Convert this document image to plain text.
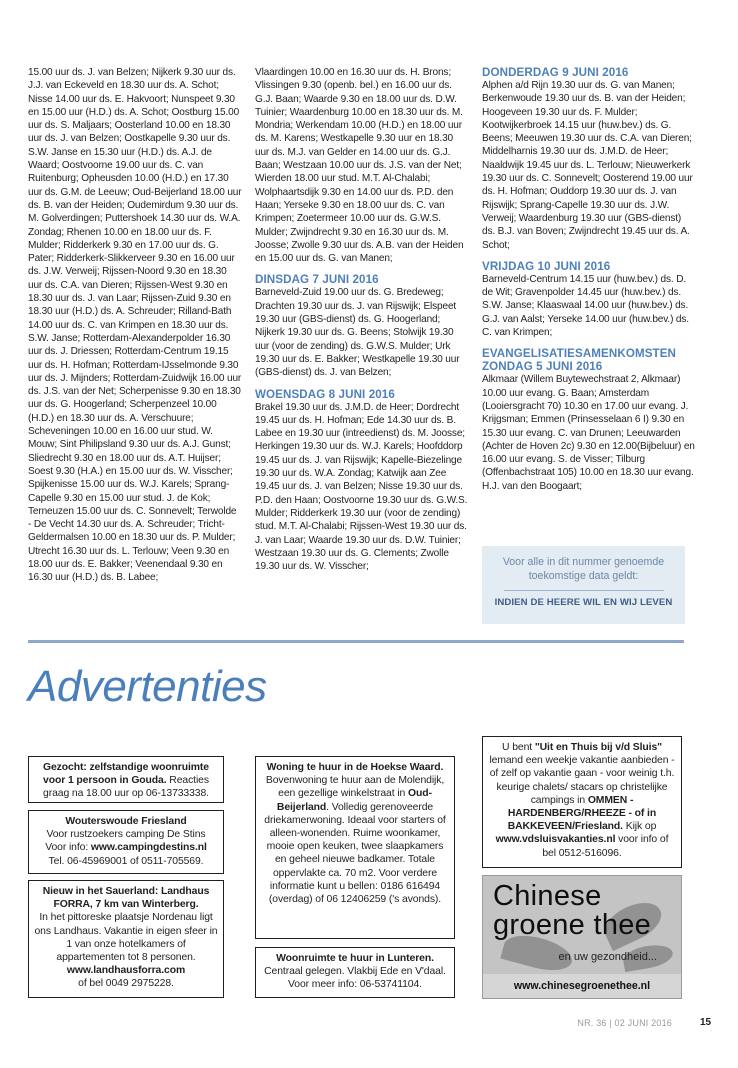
15.00 uur ds. J. van Belzen; Nijkerk 9.30 uur ds. J.J. van Eckeveld en 18.30 uur ds. A. Schot; Nisse 14.00 uur ds. E. Hakvoort; Nunspeet 9.30 en 15.00 uur (H.D.) ds. A. Schot; Oostburg 15.00 uur ds. S. Maljaars; Oosterland 10.00 en 18.30 uur ds. J. van Belzen; Oostkapelle 9.30 uur ds. S.W. Janse en 15.30 uur (H.D.) ds. A.J. de Waard; Oostvoorne 19.00 uur ds. C. van Ruitenburg; Opheusden 10.00 (H.D.) en 17.30 uur ds. G.M. de Leeuw; Oud-Beijerland 18.00 uur ds. B. van der Heiden; Oudemirdum 9.30 uur ds. M. Golverdingen; Puttershoek 14.30 uur ds. W.A. Zondag; Rhenen 10.00 en 18.00 uur ds. F. Mulder; Ridderkerk 9.30 en 17.00 uur ds. G. Pater; Ridderkerk-Slikkerveer 9.30 en 16.00 uur ds. J.W. Verweij; Rijssen-Noord 9.30 en 18.30 uur ds. C.A. van Dieren; Rijssen-West 9.30 en 18.30 uur ds. J. van Laar; Rijssen-Zuid 9.30 en 18.30 uur (H.D.) ds. A. Schreuder; Rilland-Bath 14.00 uur ds. C. van Krimpen en 18.30 uur ds. S.W. Janse; Rotterdam-Alexanderpolder 16.30 uur ds. J. Driessen; Rotterdam-Centrum 19.15 uur ds. H. Hofman; Rotterdam-IJsselmonde 9.30 uur ds. J. Mijnders; Rotterdam-Zuidwijk 16.00 uur ds. J.S. van der Net; Scherpenisse 9.30 en 18.30 uur ds. G. Hoogerland; Scherpenzeel 10.00 (H.D.) en 18.30 uur ds. A. Verschuure; Scheveningen 10.00 en 16.00 uur stud. W. Mouw; Sint Philipsland 9.30 uur ds. A.J. Gunst; Sliedrecht 9.30 en 18.00 uur ds. A.T. Huijser; Soest 9.30 (H.A.) en 15.00 uur ds. W. Visscher; Spijkenisse 15.00 uur ds. W.J. Karels; Sprang-Capelle 9.30 en 15.00 uur stud. J. de Kok; Terneuzen 15.00 uur ds. C. Sonnevelt; Terwolde - De Vecht 14.30 uur ds. A. Schreuder; Tricht-Geldermalsen 10.00 en 18.30 uur ds. P. Mulder; Utrecht 16.30 uur ds. L. Terlouw; Veen 9.30 en 18.00 uur ds. E. Bakker; Veenendaal 9.30 en 16.30 uur (H.D.) ds. B. Labee;

Vlaardingen 10.00 en 16.30 uur ds. H. Brons; Vlissingen 9.30 (openb. bel.) en 16.00 uur ds. G.J. Baan; Waarde 9.30 en 18.00 uur ds. D.W. Tuinier; Waardenburg 10.00 en 18.30 uur ds. M. Mondria; Werkendam 10.00 (H.D.) en 18.00 uur ds. M. Karens; Westkapelle 9.30 uur en 18.30 uur ds. M.J. van Gelder en 14.00 uur ds. G.J. Baan; Westzaan 10.00 uur ds. J.S. van der Net; Wierden 18.00 uur stud. M.T. Al-Chalabi; Wolphaartsdijk 9.30 en 14.00 uur ds. P.D. den Haan; Yerseke 9.30 en 18.00 uur ds. C. van Krimpen; Zoetermeer 10.00 uur ds. G.W.S. Mulder; Zwijndrecht 9.30 en 16.30 uur ds. M. Joosse; Zwolle 9.30 uur ds. A.B. van der Heiden en 15.00 uur ds. G. van Manen;

DINSDAG 7 JUNI 2016

Barneveld-Zuid 19.00 uur ds. G. Bredeweg; Drachten 19.30 uur ds. J. van Rijswijk; Elspeet 19.30 uur (GBS-dienst) ds. G. Hoogerland; Nijkerk 19.30 uur ds. G. Beens; Stolwijk 19.30 uur (voor de zending) ds. G.W.S. Mulder; Urk 19.30 uur ds. E. Bakker; Westkapelle 19.30 uur (GBS-dienst) ds. J. van Belzen;

WOENSDAG 8 JUNI 2016

Brakel 19.30 uur ds. J.M.D. de Heer; Dordrecht 19.45 uur ds. H. Hofman; Ede 14.30 uur ds. B. Labee en 19.30 uur (intreedienst) ds. M. Joosse; Herkingen 19.30 uur ds. W.J. Karels; Hoofddorp 19.45 uur ds. J. van Rijswijk; Kapelle-Biezelinge 19.30 uur ds. W.A. Zondag; Katwijk aan Zee 19.45 uur ds. J. van Belzen; Nisse 19.30 uur ds. P.D. den Haan; Oostvoorne 19.30 uur ds. G.W.S. Mulder; Ridderkerk 19.30 uur (voor de zending) stud. M.T. Al-Chalabi; Rijssen-West 19.30 uur ds. J. van Laar; Waarde 19.30 uur ds. D.W. Tuinier; Westzaan 19.30 uur ds. G. Clements; Zwolle 19.30 uur ds. W. Visscher;

DONDERDAG 9 JUNI 2016

Alphen a/d Rijn 19.30 uur ds. G. van Manen; Berkenwoude 19.30 uur ds. B. van der Heiden; Hoogeveen 19.30 uur ds. F. Mulder; Kootwijkerbroek 14.15 uur (huw.bev.) ds. G. Beens; Meeuwen 19.30 uur ds. C.A. van Dieren; Middelharnis 19.30 uur ds. J.M.D. de Heer; Naaldwijk 19.45 uur ds. L. Terlouw; Nieuwerkerk 19.30 uur ds. C. Sonnevelt; Oosterend 19.00 uur ds. H. Hofman; Ouddorp 19.30 uur ds. J. van Rijswijk; Sprang-Capelle 19.30 uur ds. J.W. Verweij; Waardenburg 19.30 uur (GBS-dienst) ds. B.J. van Boven; Zwijndrecht 19.45 uur ds. A. Schot;

VRIJDAG 10 JUNI 2016

Barneveld-Centrum 14.15 uur (huw.bev.) ds. D. de Wit; Gravenpolder 14.45 uur (huw.bev.) ds. S.W. Janse; Klaaswaal 14.00 uur (huw.bev.) ds. G.J. van Aalst; Yerseke 14.00 uur (huw.bev.) ds. C. van Krimpen;

EVANGELISATIESAMENKOMSTEN ZONDAG 5 JUNI 2016

Alkmaar (Willem Buytewechstraat 2, Alkmaar) 10.00 uur evang. G. Baan; Amsterdam (Looiersgracht 70) 10.30 en 17.00 uur evang. J. Krijgsman; Emmen (Prinsesselaan 6 I) 9.30 en 15.30 uur evang. C. van Drunen; Leeuwarden (Achter de Hoven 2c) 9.30 en 12.00(Bijbeluur) en 16.00 uur evang. S. de Visser; Tilburg (Offenbachstraat 105) 10.00 en 18.30 uur evang. H.J. van den Boogaart;

Voor alle in dit nummer genoemde toekomstige data geldt:
INDIEN DE HEERE WIL EN WIJ LEVEN
Advertenties
Gezocht: zelfstandige woonruimte voor 1 persoon in Gouda. Reacties graag na 18.00 uur op 06-13733338.
Wouterswoude Friesland
Voor rustzoekers camping De Stins
Voor info: www.campingdestins.nl
Tel. 06-45969001 of 0511-705569.
Nieuw in het Sauerland: Landhaus FORRA, 7 km van Winterberg.
In het pittoreske plaatsje Nordenau ligt ons Landhaus. Vakantie in eigen sfeer in 1 van onze hotelkamers of appartementen tot 8 personen.
www.landhausforra.com
of bel 0049 2975228.
Woning te huur in de Hoekse Waard. Bovenwoning te huur aan de Molendijk, een gezellige winkelstraat in Oud-Beijerland. Volledig gerenoveerde driekamerwoning. Ideaal voor starters of alleen-wonenden. Ruime woonkamer, mooie open keuken, twee slaapkamers en geheel nieuwe badkamer. Totale oppervlakte ca. 70 m2. Voor verdere informatie kunt u bellen: 0186 616494 (overdag) of 06 12406259 ('s avonds).
Woonruimte te huur in Lunteren. Centraal gelegen. Vlakbij Ede en V'daal. Voor meer info: 06-53741104.
U bent "Uit en Thuis bij v/d Sluis" lemand een weekje vakantie aanbieden - of zelf op vakantie gaan - voor weinig t.h. keurige chalets/ stacars op christelijke campings in OMMEN - HARDENBERG/RHEEZE - of in BAKKEVEEN/Friesland. Kijk op www.vdsluisvakanties.nl voor info of bel 0512-516096.
Chinese groene thee
en uw gezondheid...
www.chinesegroenethee.nl
NR. 36 | 02 JUNI 2016	15
